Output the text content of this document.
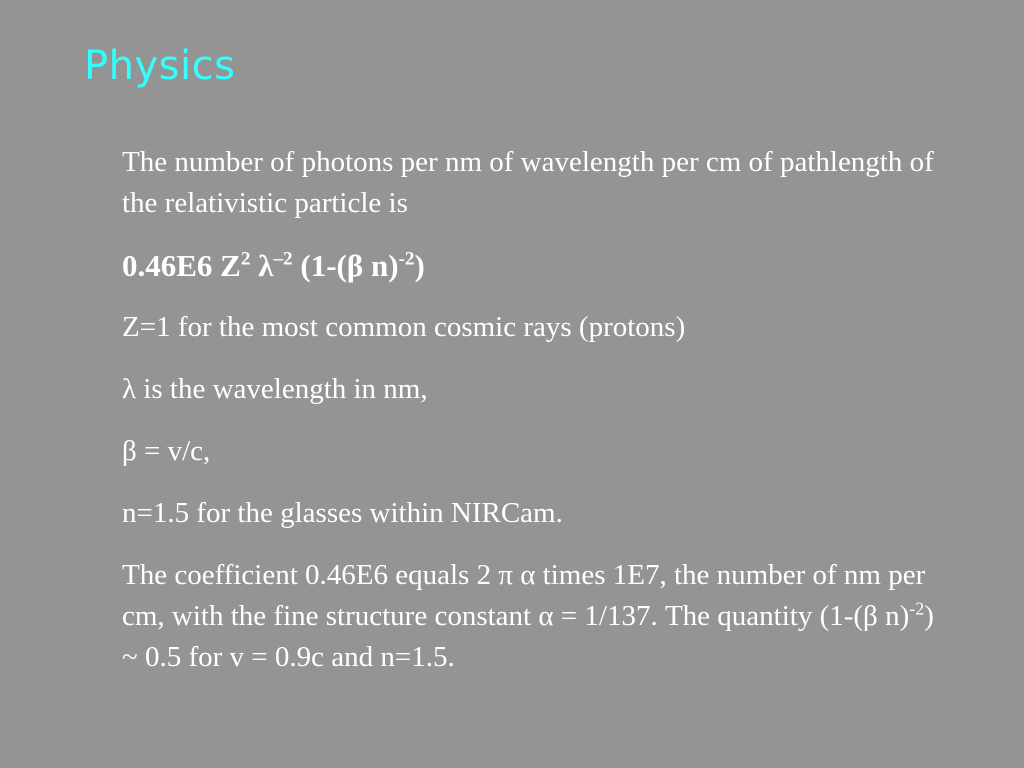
Physics

The number of photons per nm of wavelength per cm of pathlength of the relativistic particle is

0.46E6 $Z^2$ $\lambda^{-2}$ (1-(β n)$^{-2}$)

Z=1 for the most common cosmic rays (protons)

λ is the wavelength in nm,

β = v/c,

n=1.5 for the glasses within NIRCam.

The coefficient 0.46E6 equals 2 π α times 1E7, the number of nm per cm, with the fine structure constant α = 1/137. The quantity (1-(β n)$^{-2}$) ~ 0.5 for v = 0.9c and n=1.5.
